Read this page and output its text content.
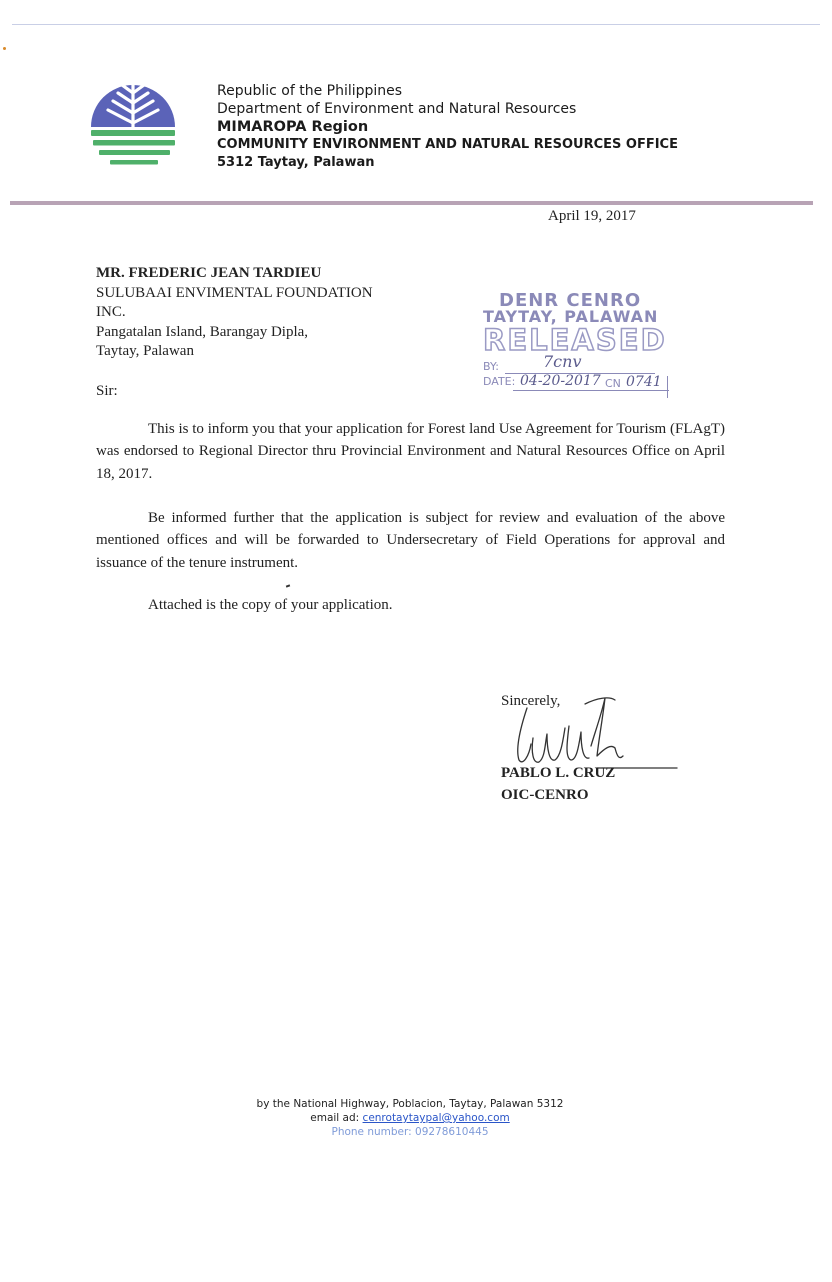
Republic of the Philippines
Department of Environment and Natural Resources
MIMAROPA Region
COMMUNITY ENVIRONMENT AND NATURAL RESOURCES OFFICE
5312 Taytay, Palawan
April 19, 2017
MR. FREDERIC JEAN TARDIEU
SULUBAAI ENVIMENTAL FOUNDATION
INC.
Pangatalan Island, Barangay Dipla,
Taytay, Palawan
DENR CENRO
TAYTAY, PALAWAN
RELEASED
BY:	7cnv
DATE: 04-20-2017 CN 0741
Sir:

This is to inform you that your application for Forest land Use Agreement for Tourism (FLAgT) was endorsed to Regional Director thru Provincial Environment and Natural Resources Office on April 18, 2017.

Be informed further that the application is subject for review and evaluation of the above mentioned offices and will be forwarded to Undersecretary of Field Operations for approval and issuance of the tenure instrument.

Attached is the copy of your application.

Sincerely,
PABLO L. CRUZ
OIC-CENRO
by the National Highway, Poblacion, Taytay, Palawan 5312
email ad: cenrotaytaypal@yahoo.com
Phone number: 09278610445
